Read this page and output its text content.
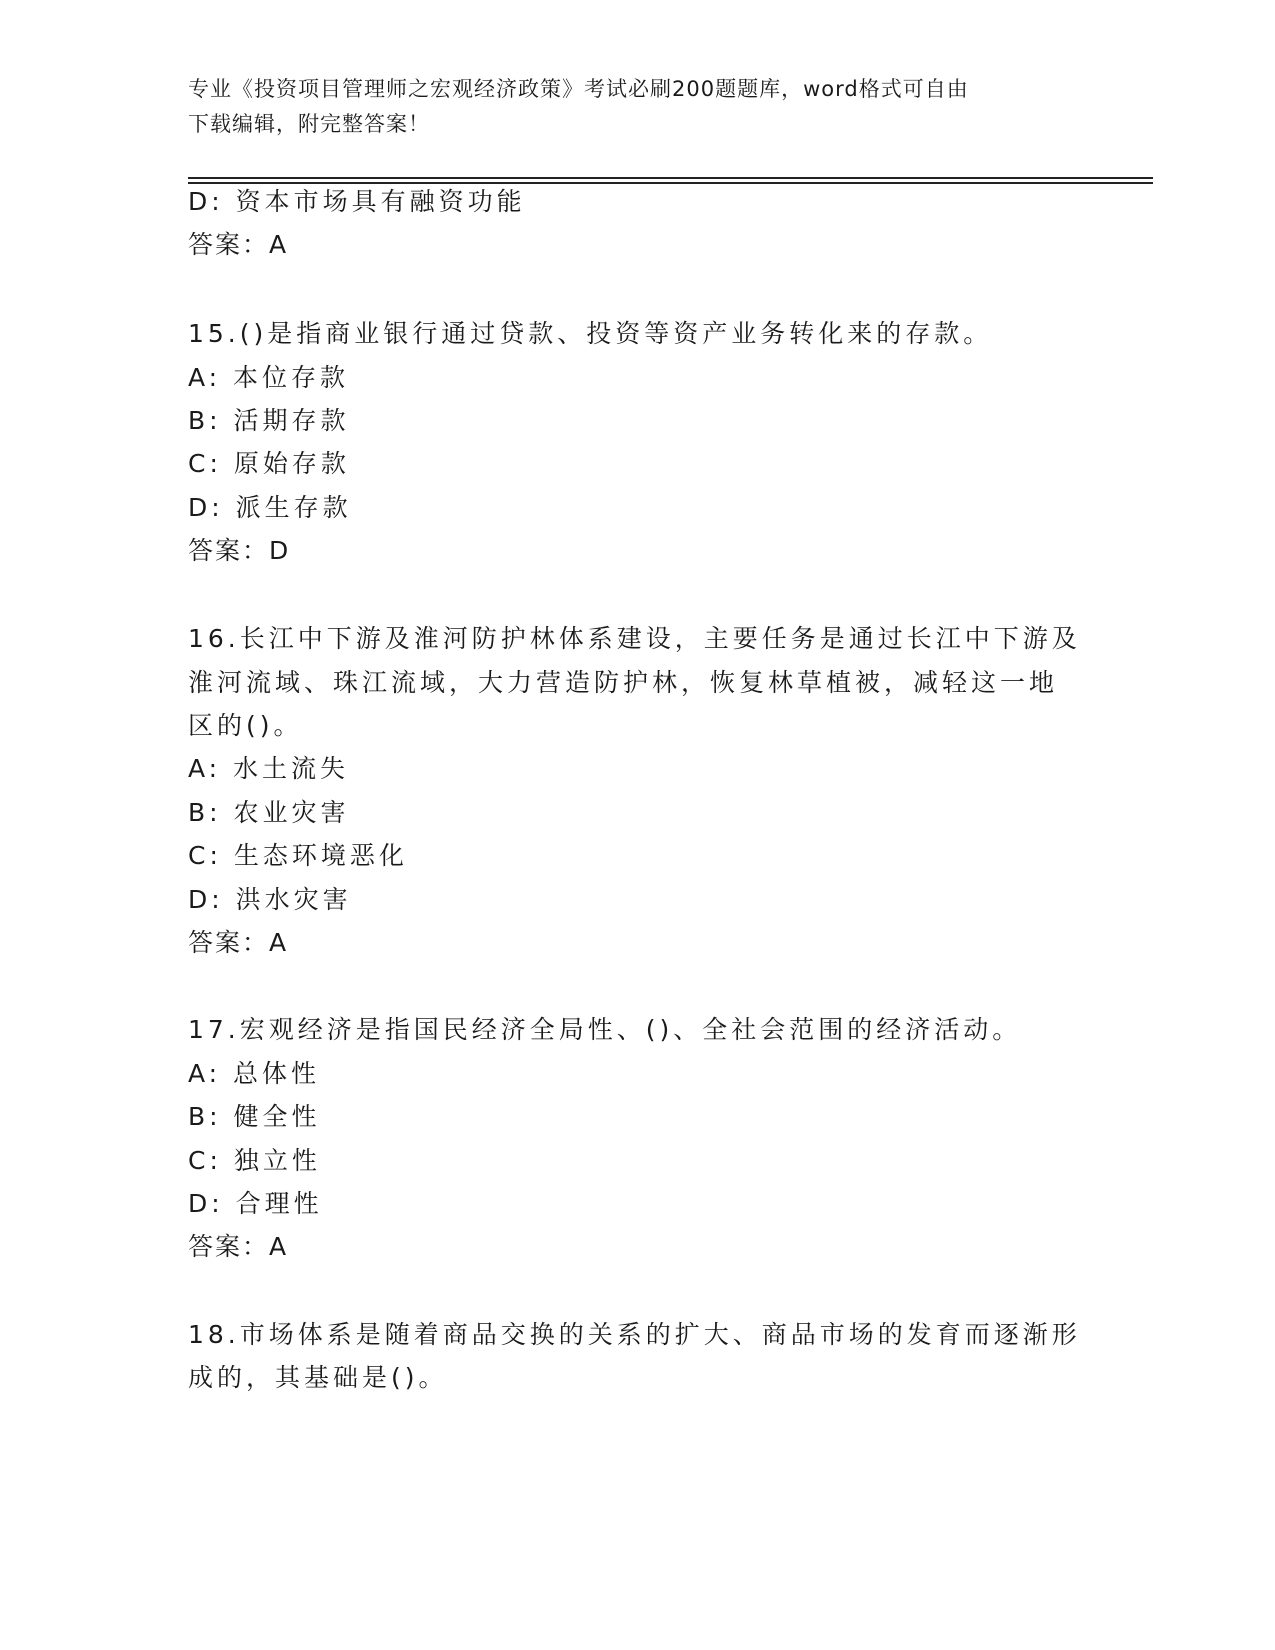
专业《投资项目管理师之宏观经济政策》考试必刷200题题库，word格式可自由
下载编辑，附完整答案！
D: 资本市场具有融资功能
答案：A
15.()是指商业银行通过贷款、投资等资产业务转化来的存款。
A: 本位存款
B: 活期存款
C: 原始存款
D: 派生存款
答案：D
16.长江中下游及淮河防护林体系建设，主要任务是通过长江中下游及
淮河流域、珠江流域，大力营造防护林，恢复林草植被，减轻这一地
区的()。
A: 水土流失
B: 农业灾害
C: 生态环境恶化
D: 洪水灾害
答案：A
17.宏观经济是指国民经济全局性、()、全社会范围的经济活动。
A: 总体性
B: 健全性
C: 独立性
D: 合理性
答案：A
18.市场体系是随着商品交换的关系的扩大、商品市场的发育而逐渐形
成的，其基础是()。
